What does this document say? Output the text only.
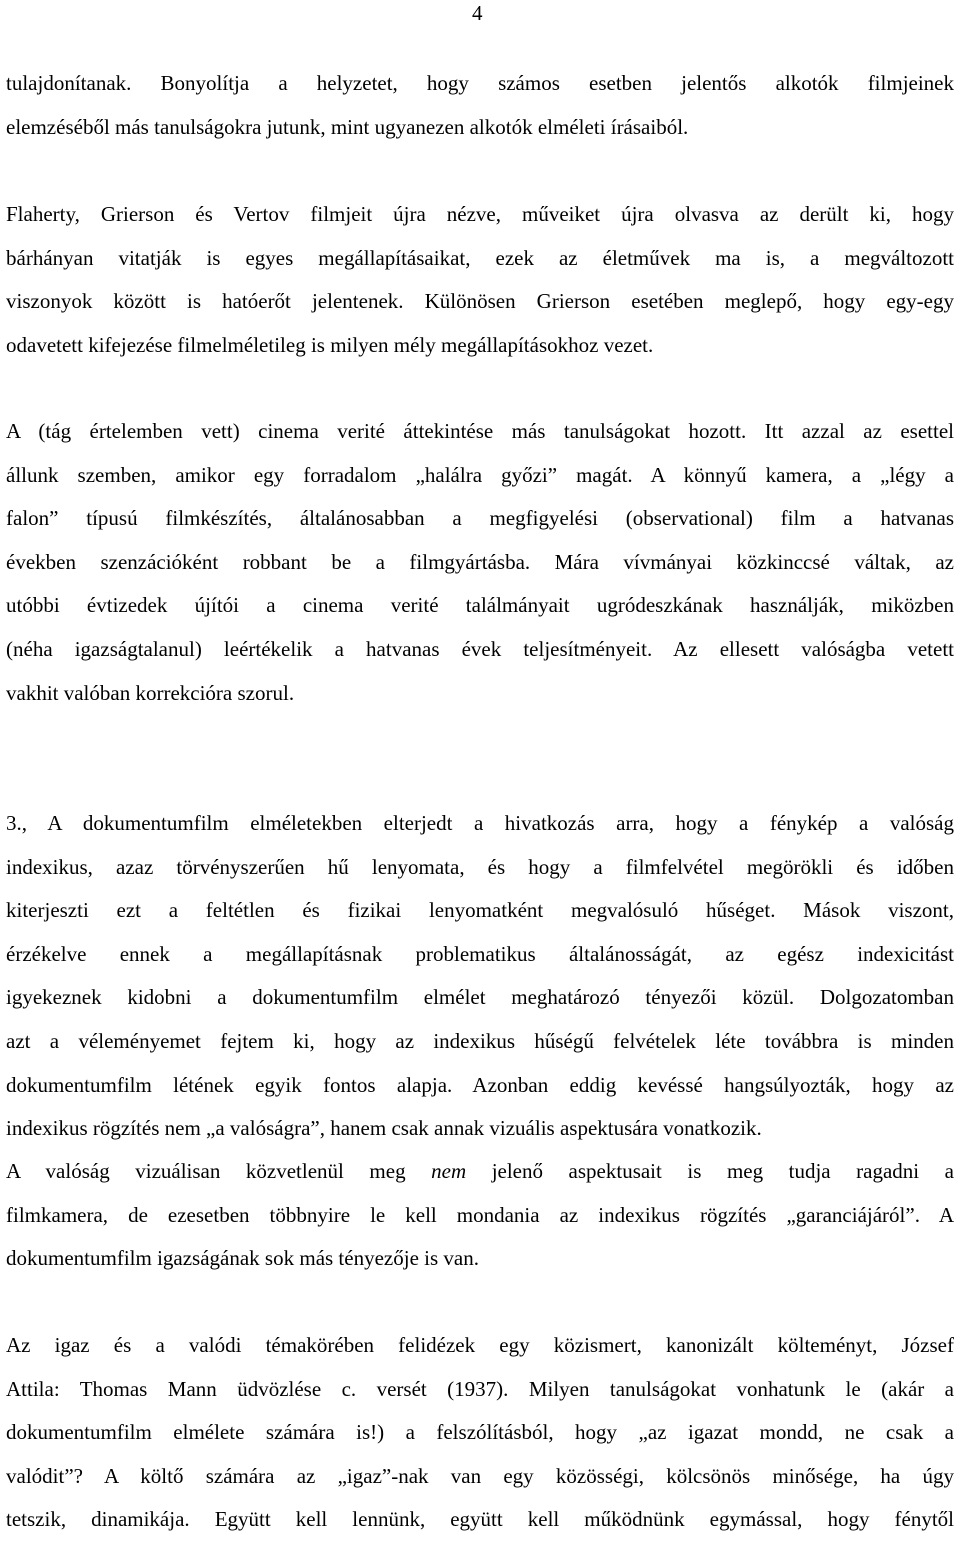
4
tulajdonítanak. Bonyolítja a helyzetet, hogy számos esetben jelentős alkotók filmjeinek
elemzéséből más tanulságokra jutunk, mint ugyanezen alkotók elméleti írásaiból.
Flaherty, Grierson és Vertov filmjeit újra nézve, műveiket újra olvasva az derült ki, hogy
bárhányan vitatják is egyes megállapításaikat, ezek az életművek ma is, a megváltozott
viszonyok között is hatóerőt jelentenek. Különösen Grierson esetében meglepő, hogy egy-egy
odavetett kifejezése filmelméletileg is milyen mély megállapításokhoz vezet.
A (tág értelemben vett) cinema verité áttekintése más tanulságokat hozott. Itt azzal az esettel
állunk szemben, amikor egy forradalom „halálra győzi” magát. A könnyű kamera, a „légy a
falon” típusú filmkészítés, általánosabban a megfigyelési (observational) film a hatvanas
években szenzációként robbant be a filmgyártásba. Mára vívmányai közkinccsé váltak, az
utóbbi évtizedek újítói a cinema verité találmányait ugródeszkának használják, miközben
(néha igazságtalanul) leértékelik a hatvanas évek teljesítményeit. Az ellesett valóságba vetett
vakhit valóban korrekcióra szorul.
3., A dokumentumfilm elméletekben elterjedt a hivatkozás arra, hogy a fénykép a valóság
indexikus, azaz törvényszerűen hű lenyomata, és hogy a filmfelvétel megörökli és időben
kiterjeszti ezt a feltétlen és fizikai lenyomatként megvalósuló hűséget. Mások viszont,
érzékelve ennek a megállapításnak problematikus általánosságát, az egész indexicitást
igyekeznek kidobni a dokumentumfilm elmélet meghatározó tényezői közül. Dolgozatomban
azt a véleményemet fejtem ki, hogy az indexikus hűségű felvételek léte továbbra is minden
dokumentumfilm létének egyik fontos alapja. Azonban eddig kevéssé hangsúlyozták, hogy az
indexikus rögzítés nem „a valóságra”, hanem csak annak vizuális aspektusára vonatkozik.
A valóság vizuálisan közvetlenül meg nem jelenő aspektusait is meg tudja ragadni a
filmkamera, de ezesetben többnyire le kell mondania az indexikus rögzítés „garanciájáról”. A
dokumentumfilm igazságának sok más tényezője is van.
Az igaz és a valódi témakörében felidézek egy közismert, kanonizált költeményt, József
Attila: Thomas Mann üdvözlése c. versét (1937). Milyen tanulságokat vonhatunk le (akár a
dokumentumfilm elmélete számára is!) a felszólításból, hogy „az igazat mondd, ne csak a
valódit”? A költő számára az „igaz”-nak van egy közösségi, kölcsönös minősége, ha úgy
tetszik, dinamikája. Együtt kell lennünk, együtt kell működnünk egymással, hogy fénytől
